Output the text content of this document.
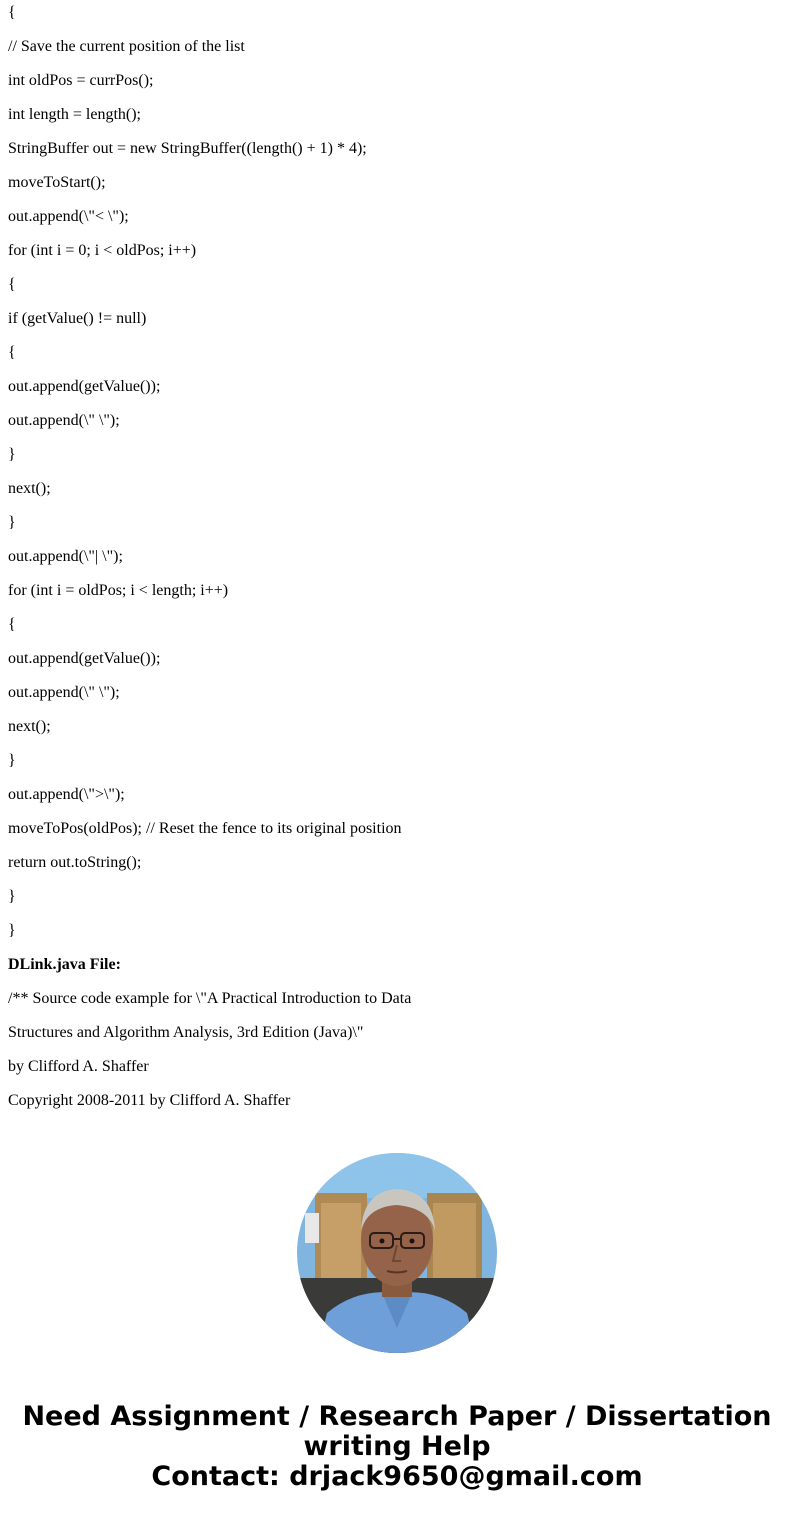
{

// Save the current position of the list

int oldPos = currPos();

int length = length();

StringBuffer out = new StringBuffer((length() + 1) * 4);

moveToStart();

out.append(\"< \");

for (int i = 0; i < oldPos; i++)

{

if (getValue() != null)

{

out.append(getValue());

out.append(\" \");

}

next();

}

out.append(\"| \");

for (int i = oldPos; i < length; i++)

{

out.append(getValue());

out.append(\" \");

next();

}

out.append(\">\");

moveToPos(oldPos); // Reset the fence to its original position

return out.toString();

}

}

DLink.java File:

/** Source code example for \"A Practical Introduction to Data

Structures and Algorithm Analysis, 3rd Edition (Java)\"

by Clifford A. Shaffer

Copyright 2008-2011 by Clifford A. Shaffer

Need Assignment / Research Paper / Dissertation
writing Help
Contact: drjack9650@gmail.com
